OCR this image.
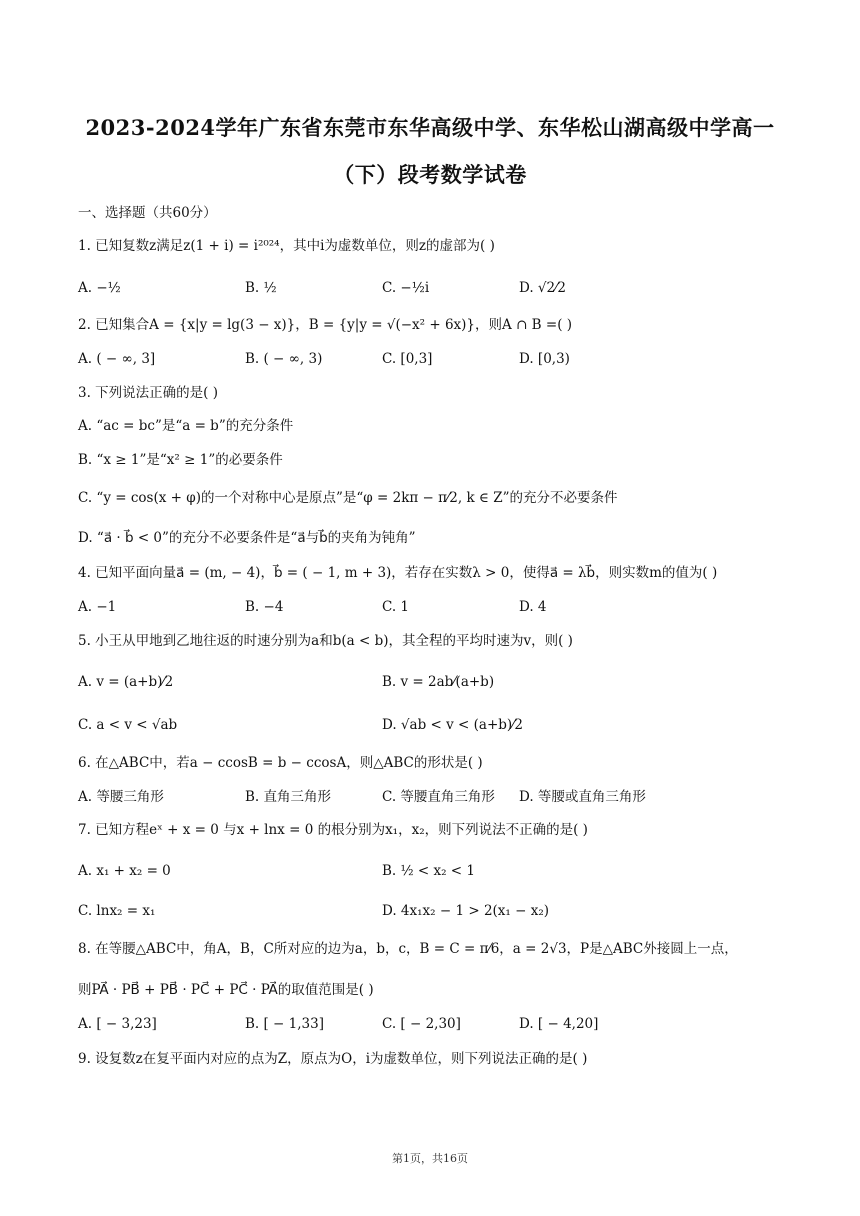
2023-2024学年广东省东莞市东华高级中学、东华松山湖高级中学高一
（下）段考数学试卷
一、选择题（共60分）
1. 已知复数z满足z(1 + i) = i²⁰²⁴，其中i为虚数单位，则z的虚部为( )
A. −½	B. ½	C. −½i	D. √2⁄2
2. 已知集合A = {x|y = lg(3 − x)}，B = {y|y = √(−x² + 6x)}，则A ∩ B =( )
A. ( − ∞, 3]	B. ( − ∞, 3)	C. [0,3]	D. [0,3)
3. 下列说法正确的是( )
A. “ac = bc”是“a = b”的充分条件
B. “x ≥ 1”是“x² ≥ 1”的必要条件
C. “y = cos(x + φ)的一个对称中心是原点”是“φ = 2kπ − π⁄2, k ∈ Z”的充分不必要条件
D. “a⃗ · b⃗ < 0”的充分不必要条件是“a⃗与b⃗的夹角为钝角”
4. 已知平面向量a⃗ = (m, − 4)，b⃗ = ( − 1, m + 3)，若存在实数λ > 0，使得a⃗ = λb⃗，则实数m的值为( )
A. −1	B. −4	C. 1	D. 4
5. 小王从甲地到乙地往返的时速分别为a和b(a < b)，其全程的平均时速为v，则( )
A. v = (a+b)⁄2	B. v = 2ab⁄(a+b)
C. a < v < √ab	D. √ab < v < (a+b)⁄2
6. 在△ABC中，若a − ccosB = b − ccosA，则△ABC的形状是( )
A. 等腰三角形	B. 直角三角形	C. 等腰直角三角形 D. 等腰或直角三角形
7. 已知方程eˣ + x = 0 与x + lnx = 0 的根分别为x₁，x₂，则下列说法不正确的是( )
A. x₁ + x₂ = 0	B. ½ < x₂ < 1
C. lnx₂ = x₁	D. 4x₁x₂ − 1 > 2(x₁ − x₂)
8. 在等腰△ABC中，角A，B，C所对应的边为a，b，c，B = C = π⁄6，a = 2√3，P是△ABC外接圆上一点，
则PA⃗ · PB⃗ + PB⃗ · PC⃗ + PC⃗ · PA⃗的取值范围是( )
A. [ − 3,23]	B. [ − 1,33]	C. [ − 2,30]	D. [ − 4,20]
9. 设复数z在复平面内对应的点为Z，原点为O，i为虚数单位，则下列说法正确的是( )
第1页，共16页
